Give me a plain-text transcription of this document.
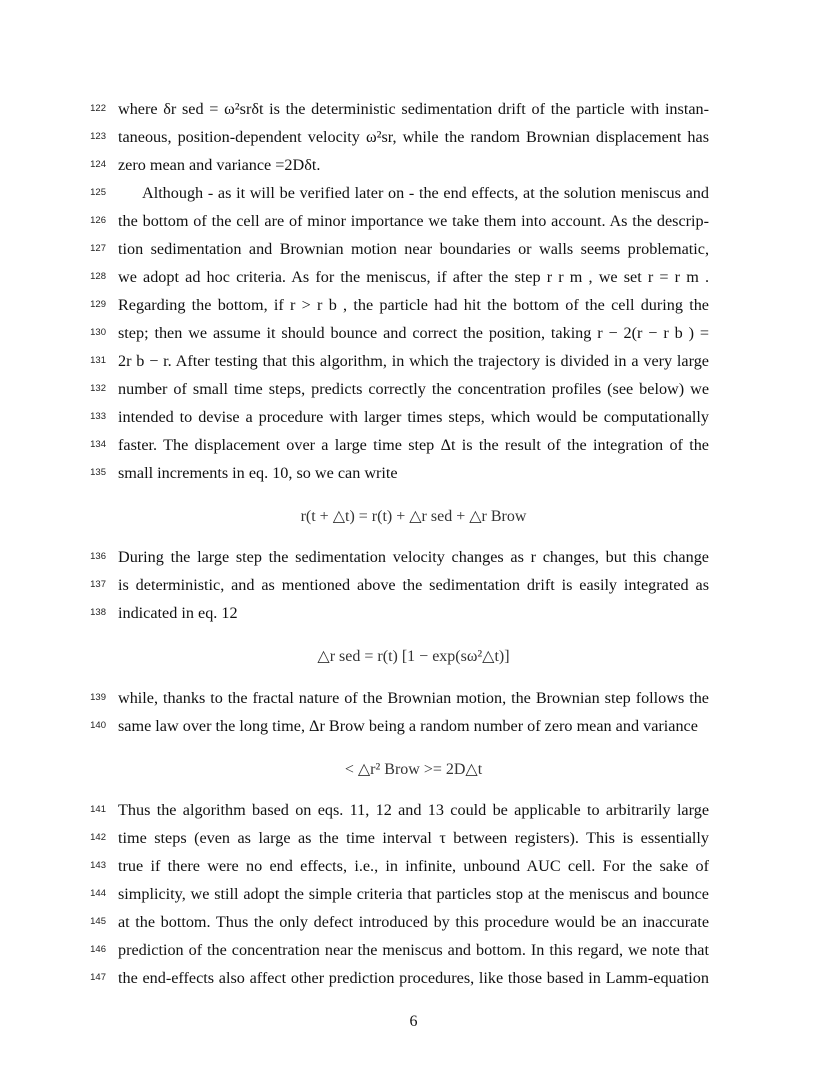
122
123
124
125
126
127
128
129
130
131
132
133
134
135
136
137
138
139
140
141
142
143
144
145
146
147
where δr sed = ω²srδt is the deterministic sedimentation drift of the particle with instan-
taneous, position-dependent velocity ω²sr, while the random Brownian displacement has
zero mean and variance =2Dδt.
Although - as it will be verified later on - the end effects, at the solution meniscus and
the bottom of the cell are of minor importance we take them into account. As the descrip-
tion sedimentation and Brownian motion near boundaries or walls seems problematic,
we adopt ad hoc criteria. As for the meniscus, if after the step r r m , we set r = r m .
Regarding the bottom, if r > r b , the particle had hit the bottom of the cell during the
step; then we assume it should bounce and correct the position, taking r − 2(r − r b ) =
2r b − r. After testing that this algorithm, in which the trajectory is divided in a very large
number of small time steps, predicts correctly the concentration profiles (see below) we
intended to devise a procedure with larger times steps, which would be computationally
faster. The displacement over a large time step Δt is the result of the integration of the
small increments in eq. 10, so we can write
r(t + △t) = r(t) + △r sed + △r Brow
During the large step the sedimentation velocity changes as r changes, but this change
is deterministic, and as mentioned above the sedimentation drift is easily integrated as
indicated in eq. 12
△r sed = r(t) [1 − exp(sω²△t)]
while, thanks to the fractal nature of the Brownian motion, the Brownian step follows the
same law over the long time, Δr Brow being a random number of zero mean and variance
< △r² Brow >= 2D△t
Thus the algorithm based on eqs. 11, 12 and 13 could be applicable to arbitrarily large
time steps (even as large as the time interval τ between registers). This is essentially
true if there were no end effects, i.e., in infinite, unbound AUC cell. For the sake of
simplicity, we still adopt the simple criteria that particles stop at the meniscus and bounce
at the bottom. Thus the only defect introduced by this procedure would be an inaccurate
prediction of the concentration near the meniscus and bottom. In this regard, we note that
the end-effects also affect other prediction procedures, like those based in Lamm-equation
6
